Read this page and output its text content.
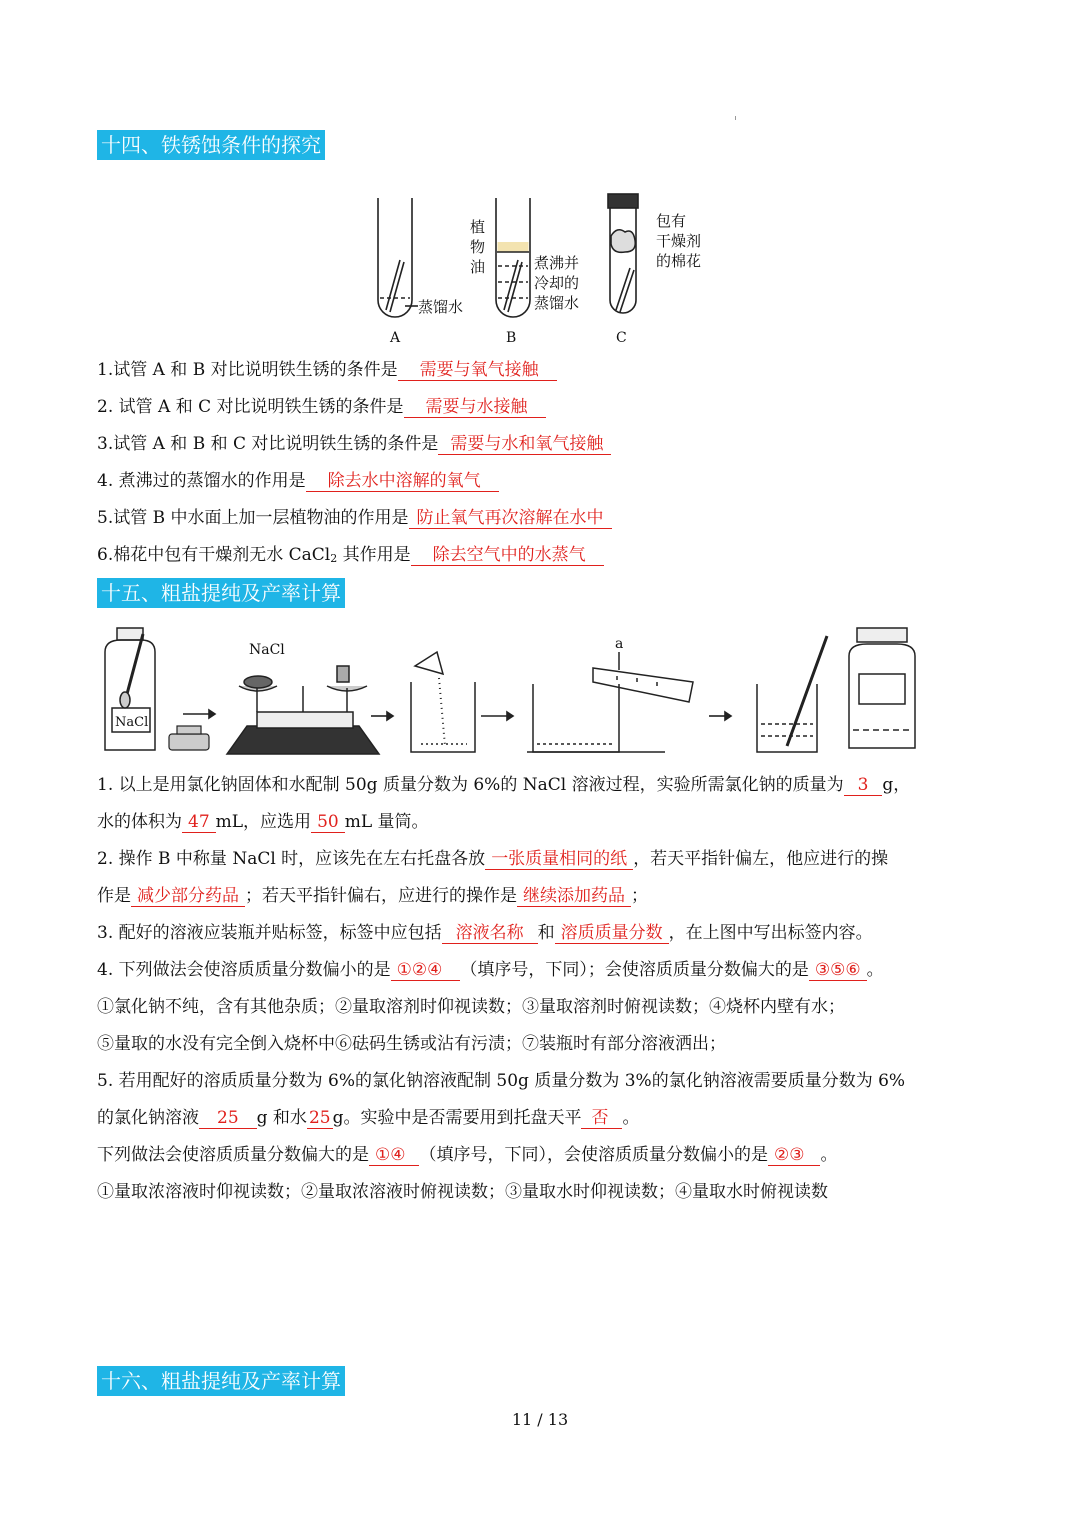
十四、铁锈蚀条件的探究
蒸馏水
A
植
物
油	煮沸并
冷却的
蒸馏水
B
包有
干燥剂
的棉花
C
1.试管 A 和 B 对比说明铁生锈的条件是 需要与氧气接触
2. 试管 A 和 C 对比说明铁生锈的条件是 需要与水接触
3.试管 A 和 B 和 C 对比说明铁生锈的条件是 需要与水和氧气接触
4. 煮沸过的蒸馏水的作用是 除去水中溶解的氧气
5.试管 B 中水面上加一层植物油的作用是 防止氧气再次溶解在水中
6.棉花中包有干燥剂无水 CaCl2 其作用是 除去空气中的水蒸气
十五、粗盐提纯及产率计算
NaCl
NaCl	a
1. 以上是用氯化钠固体和水配制 50g 质量分数为 6%的 NaCl 溶液过程，实验所需氯化钠的质量为 3 g，
水的体积为 47 mL，应选用 50 mL 量筒。
2. 操作 B 中称量 NaCl 时，应该先在左右托盘各放 一张质量相同的纸 ，若天平指针偏左，他应进行的操
作是 减少部分药品 ；若天平指针偏右，应进行的操作是 继续添加药品 ；
3. 配好的溶液应装瓶并贴标签，标签中应包括 溶液名称 和 溶质质量分数 ，在上图中写出标签内容。
4. 下列做法会使溶质质量分数偏小的是 ①②④ （填序号，下同）；会使溶质质量分数偏大的是 ③⑤⑥ 。
①氯化钠不纯，含有其他杂质；②量取溶剂时仰视读数；③量取溶剂时俯视读数；④烧杯内壁有水；
⑤量取的水没有完全倒入烧杯中⑥砝码生锈或沾有污渍；⑦装瓶时有部分溶液洒出；
5. 若用配好的溶质质量分数为 6%的氯化钠溶液配制 50g 质量分数为 3%的氯化钠溶液需要质量分数为 6%
的氯化钠溶液 25 g 和水 25 g。实验中是否需要用到托盘天平 否 。
下列做法会使溶质质量分数偏大的是 ①④ （填序号，下同），会使溶质质量分数偏小的是 ②③ 。
①量取浓溶液时仰视读数；②量取浓溶液时俯视读数；③量取水时仰视读数；④量取水时俯视读数
十六、粗盐提纯及产率计算
11 / 13
